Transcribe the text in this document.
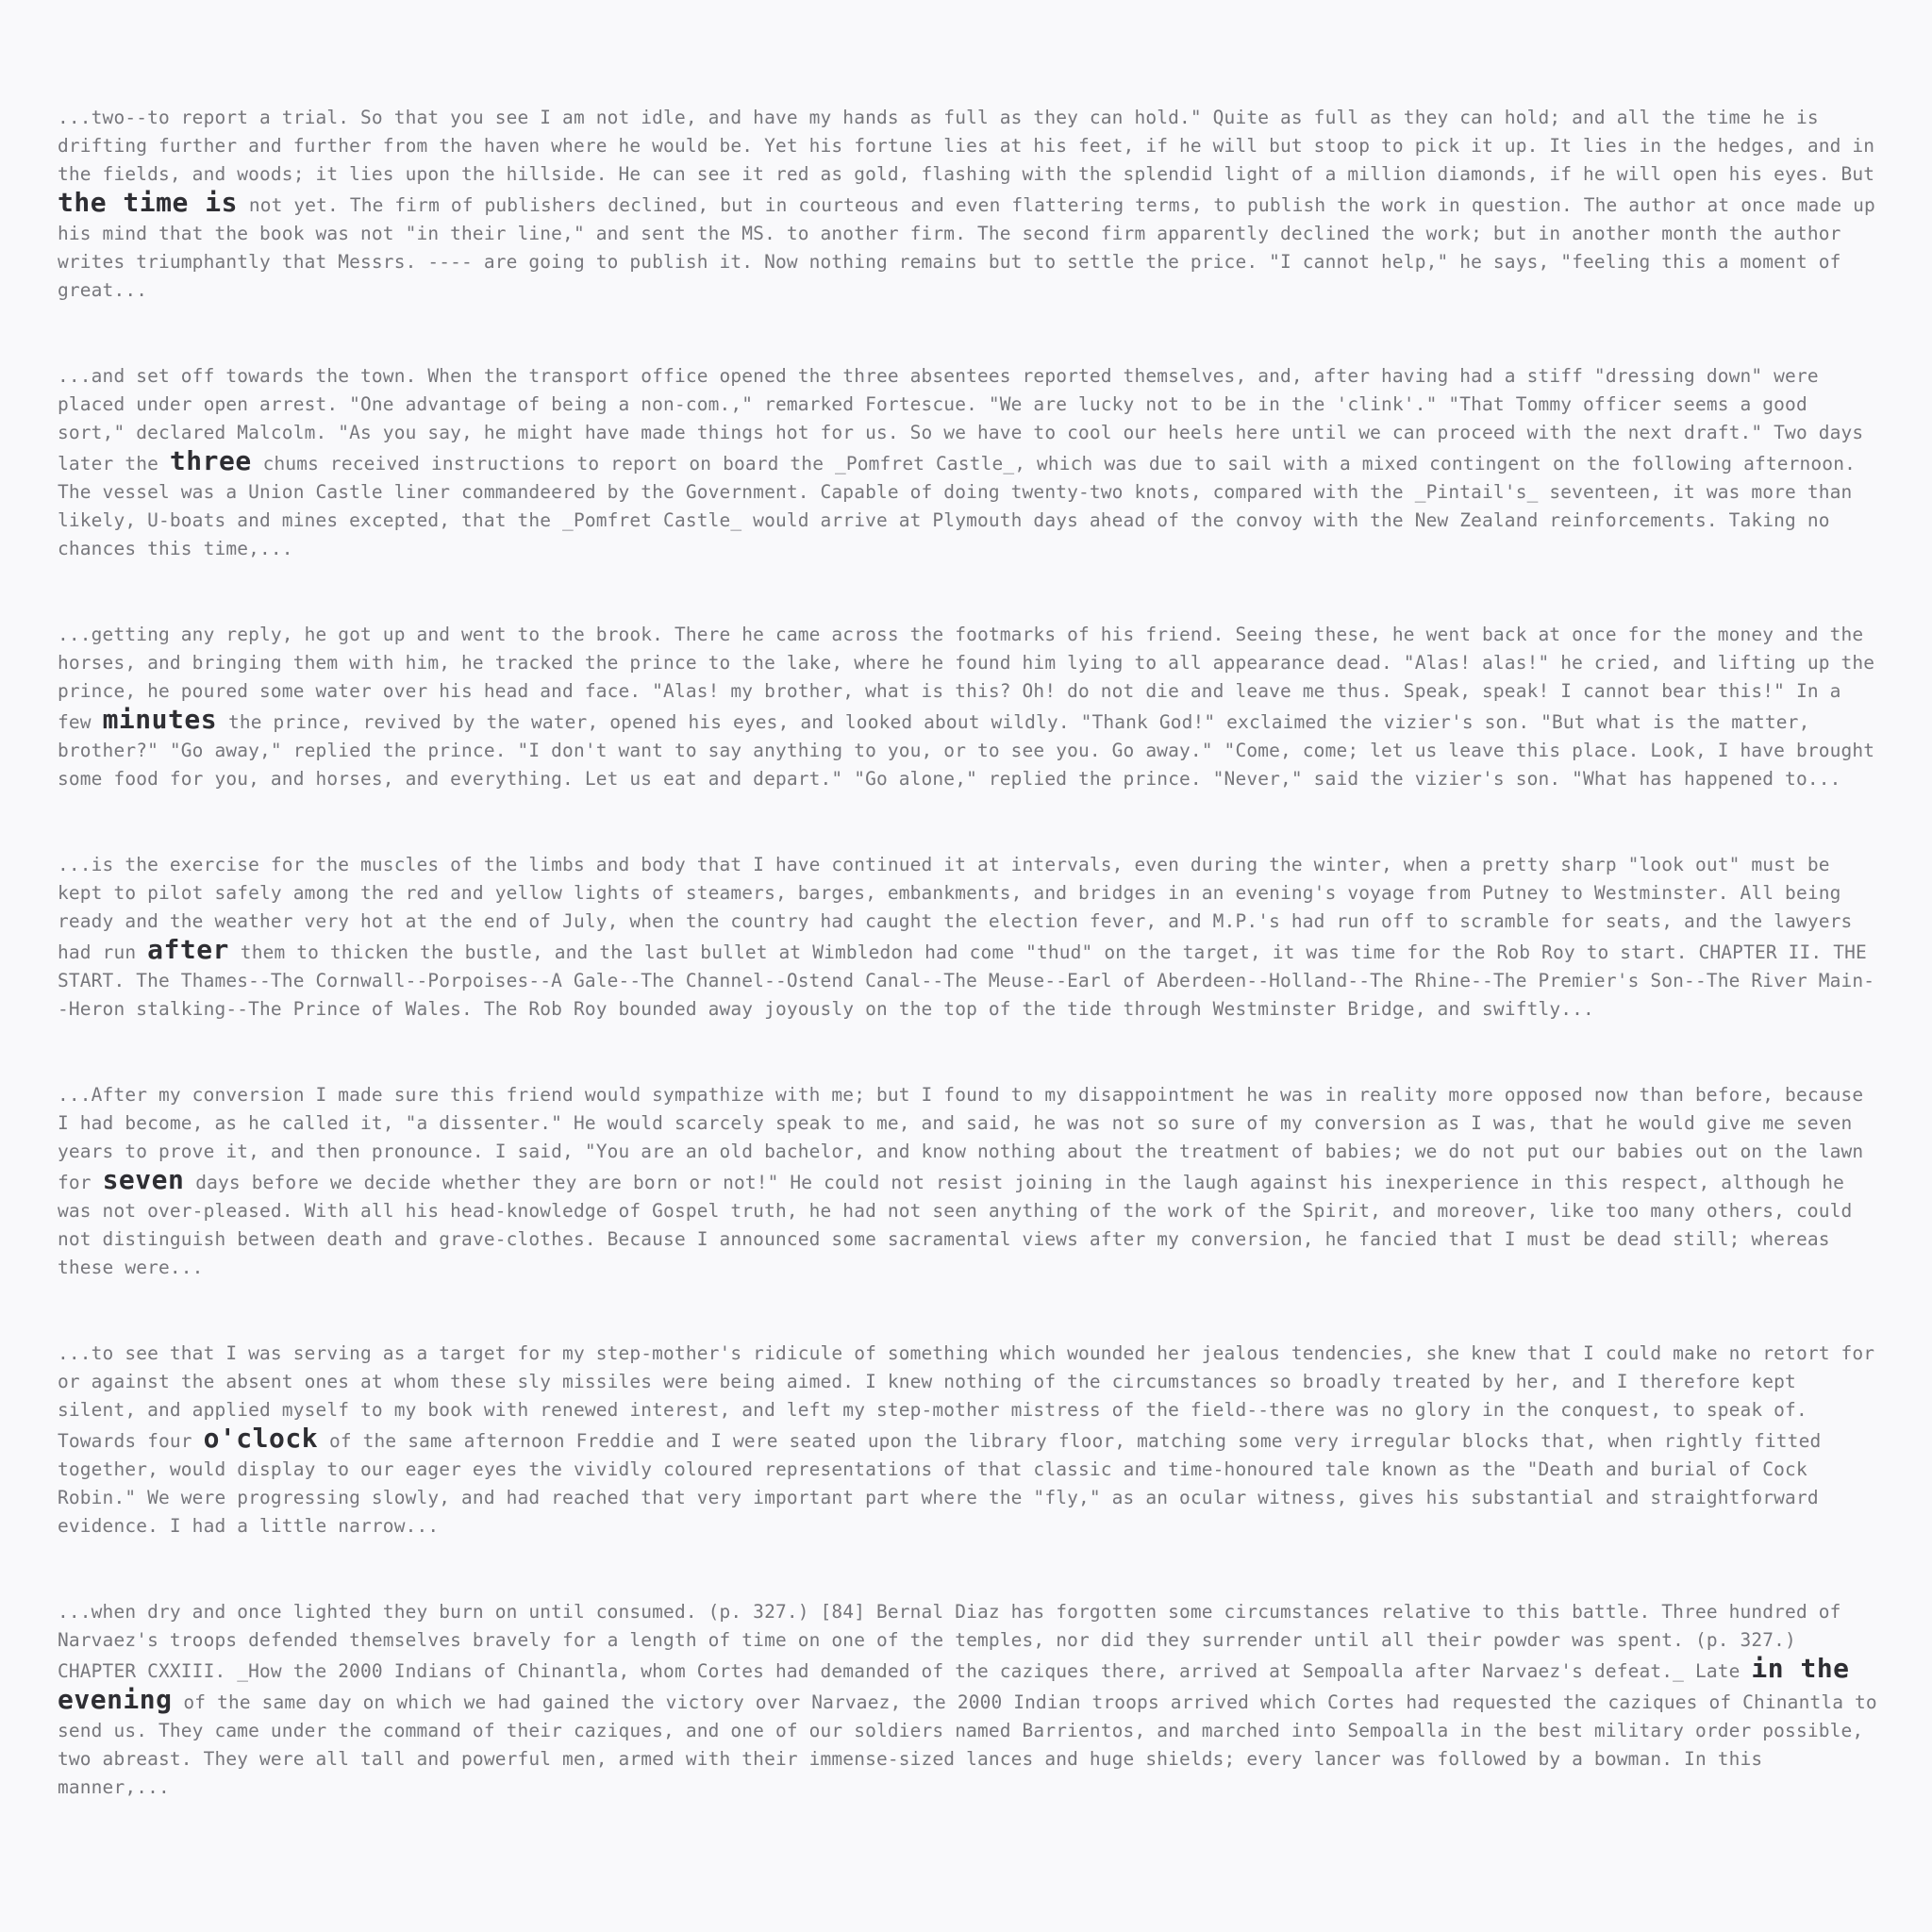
...two--to report a trial. So that you see I am not idle, and have my hands as full as they can hold." Quite as full as they can hold; and all the time he is drifting further and further from the haven where he would be. Yet his fortune lies at his feet, if he will but stoop to pick it up. It lies in the hedges, and in the fields, and woods; it lies upon the hillside. He can see it red as gold, flashing with the splendid light of a million diamonds, if he will open his eyes. But the time is not yet. The firm of publishers declined, but in courteous and even flattering terms, to publish the work in question. The author at once made up his mind that the book was not "in their line," and sent the MS. to another firm. The second firm apparently declined the work; but in another month the author writes triumphantly that Messrs. ---- are going to publish it. Now nothing remains but to settle the price. "I cannot help," he says, "feeling this a moment of great...

...and set off towards the town. When the transport office opened the three absentees reported themselves, and, after having had a stiff "dressing down" were placed under open arrest. "One advantage of being a non-com.," remarked Fortescue. "We are lucky not to be in the 'clink'." "That Tommy officer seems a good sort," declared Malcolm. "As you say, he might have made things hot for us. So we have to cool our heels here until we can proceed with the next draft." Two days later the three chums received instructions to report on board the _Pomfret Castle_, which was due to sail with a mixed contingent on the following afternoon. The vessel was a Union Castle liner commandeered by the Government. Capable of doing twenty-two knots, compared with the _Pintail's_ seventeen, it was more than likely, U-boats and mines excepted, that the _Pomfret Castle_ would arrive at Plymouth days ahead of the convoy with the New Zealand reinforcements. Taking no chances this time,...

...getting any reply, he got up and went to the brook. There he came across the footmarks of his friend. Seeing these, he went back at once for the money and the horses, and bringing them with him, he tracked the prince to the lake, where he found him lying to all appearance dead. "Alas! alas!" he cried, and lifting up the prince, he poured some water over his head and face. "Alas! my brother, what is this? Oh! do not die and leave me thus. Speak, speak! I cannot bear this!" In a few minutes the prince, revived by the water, opened his eyes, and looked about wildly. "Thank God!" exclaimed the vizier's son. "But what is the matter, brother?" "Go away," replied the prince. "I don't want to say anything to you, or to see you. Go away." "Come, come; let us leave this place. Look, I have brought some food for you, and horses, and everything. Let us eat and depart." "Go alone," replied the prince. "Never," said the vizier's son. "What has happened to...

...is the exercise for the muscles of the limbs and body that I have continued it at intervals, even during the winter, when a pretty sharp "look out" must be kept to pilot safely among the red and yellow lights of steamers, barges, embankments, and bridges in an evening's voyage from Putney to Westminster. All being ready and the weather very hot at the end of July, when the country had caught the election fever, and M.P.'s had run off to scramble for seats, and the lawyers had run after them to thicken the bustle, and the last bullet at Wimbledon had come "thud" on the target, it was time for the Rob Roy to start. CHAPTER II. THE START. The Thames--The Cornwall--Porpoises--A Gale--The Channel--Ostend Canal--The Meuse--Earl of Aberdeen--Holland--The Rhine--The Premier's Son--The River Main--Heron stalking--The Prince of Wales. The Rob Roy bounded away joyously on the top of the tide through Westminster Bridge, and swiftly...

...After my conversion I made sure this friend would sympathize with me; but I found to my disappointment he was in reality more opposed now than before, because I had become, as he called it, "a dissenter." He would scarcely speak to me, and said, he was not so sure of my conversion as I was, that he would give me seven years to prove it, and then pronounce. I said, "You are an old bachelor, and know nothing about the treatment of babies; we do not put our babies out on the lawn for seven days before we decide whether they are born or not!" He could not resist joining in the laugh against his inexperience in this respect, although he was not over-pleased. With all his head-knowledge of Gospel truth, he had not seen anything of the work of the Spirit, and moreover, like too many others, could not distinguish between death and grave-clothes. Because I announced some sacramental views after my conversion, he fancied that I must be dead still; whereas these were...

...to see that I was serving as a target for my step-mother's ridicule of something which wounded her jealous tendencies, she knew that I could make no retort for or against the absent ones at whom these sly missiles were being aimed. I knew nothing of the circumstances so broadly treated by her, and I therefore kept silent, and applied myself to my book with renewed interest, and left my step-mother mistress of the field--there was no glory in the conquest, to speak of. Towards four o'clock of the same afternoon Freddie and I were seated upon the library floor, matching some very irregular blocks that, when rightly fitted together, would display to our eager eyes the vividly coloured representations of that classic and time-honoured tale known as the "Death and burial of Cock Robin." We were progressing slowly, and had reached that very important part where the "fly," as an ocular witness, gives his substantial and straightforward evidence. I had a little narrow...

...when dry and once lighted they burn on until consumed. (p. 327.) [84] Bernal Diaz has forgotten some circumstances relative to this battle. Three hundred of Narvaez's troops defended themselves bravely for a length of time on one of the temples, nor did they surrender until all their powder was spent. (p. 327.) CHAPTER CXXIII. _How the 2000 Indians of Chinantla, whom Cortes had demanded of the caziques there, arrived at Sempoalla after Narvaez's defeat._ Late in the evening of the same day on which we had gained the victory over Narvaez, the 2000 Indian troops arrived which Cortes had requested the caziques of Chinantla to send us. They came under the command of their caziques, and one of our soldiers named Barrientos, and marched into Sempoalla in the best military order possible, two abreast. They were all tall and powerful men, armed with their immense-sized lances and huge shields; every lancer was followed by a bowman. In this manner,...
